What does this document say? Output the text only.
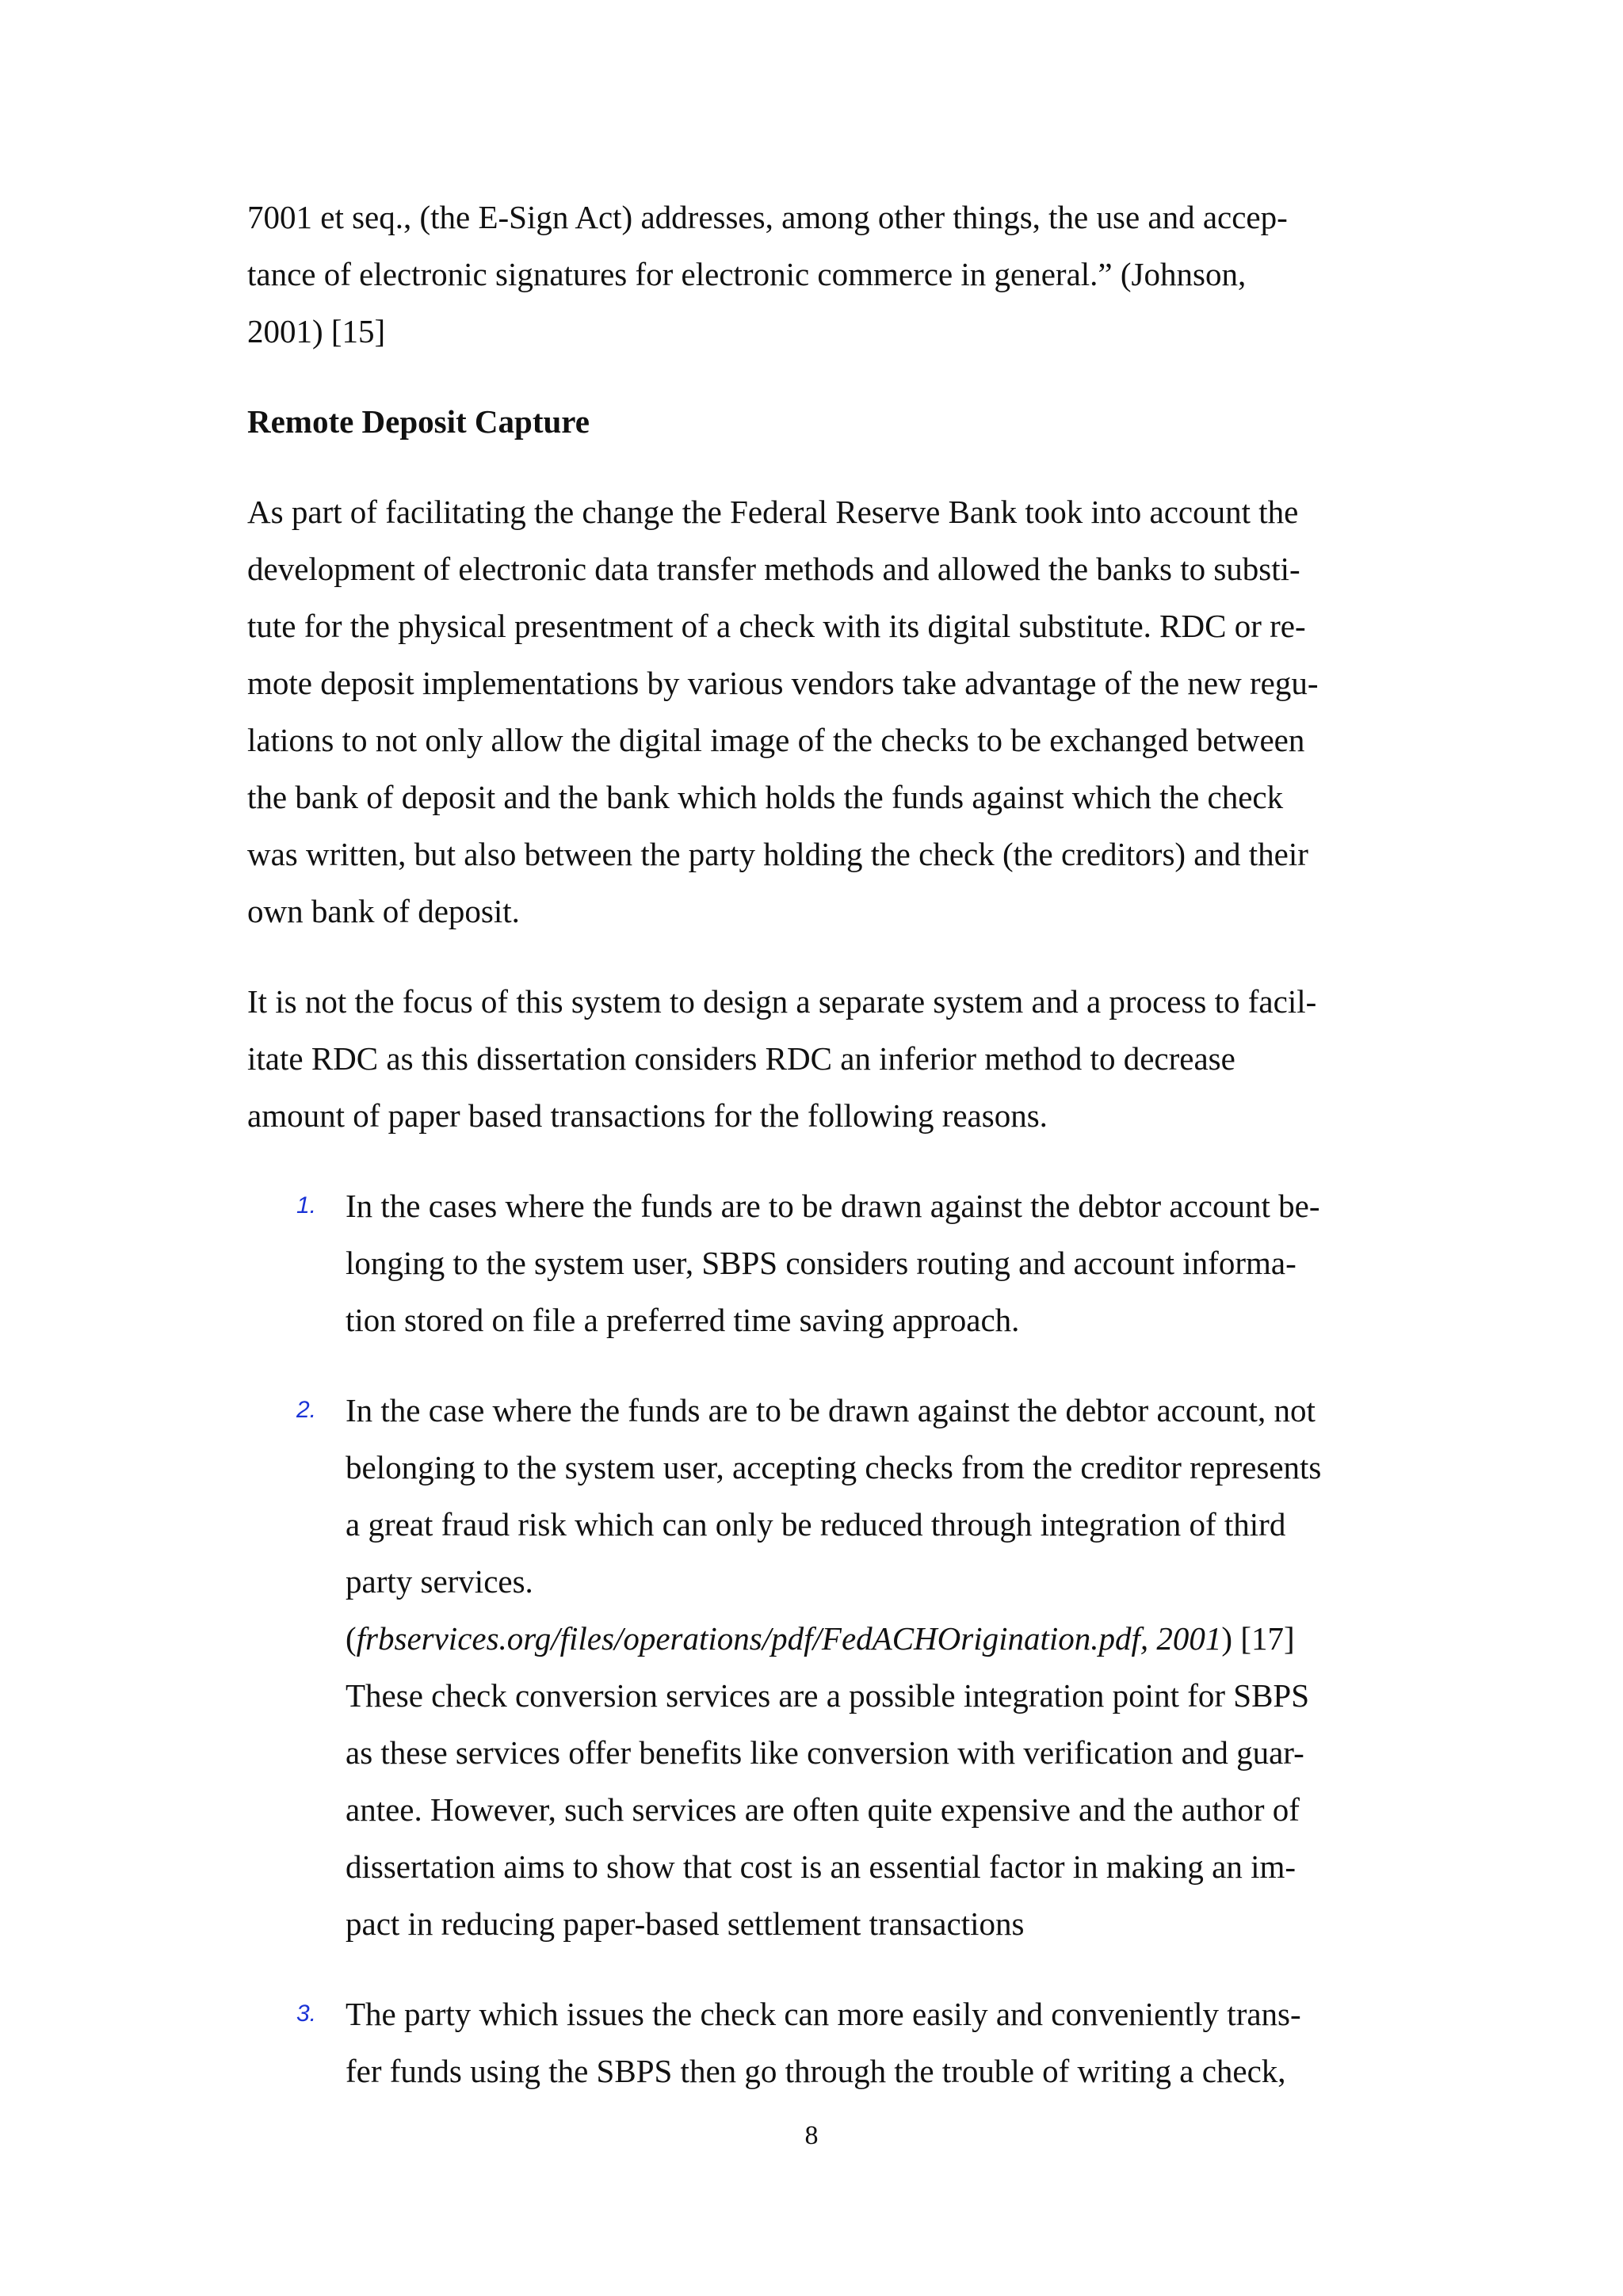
7001 et seq., (the E-Sign Act) addresses, among other things, the use and accep-
tance of electronic signatures for electronic commerce in general.” (Johnson,
2001) [15]

Remote Deposit Capture

As part of facilitating the change the Federal Reserve Bank took into account the
development of electronic data transfer methods and allowed the banks to substi-
tute for the physical presentment of a check with its digital substitute. RDC or re-
mote deposit implementations by various vendors take advantage of the new regu-
lations to not only allow the digital image of the checks to be exchanged between
the bank of deposit and the bank which holds the funds against which the check
was written, but also between the party holding the check (the creditors) and their
own bank of deposit.

It is not the focus of this system to design a separate system and a process to facil-
itate RDC as this dissertation considers RDC an inferior method to decrease
amount of paper based transactions for the following reasons.

1. In the cases where the funds are to be drawn against the debtor account be-
longing to the system user, SBPS considers routing and account informa-
tion stored on file a preferred time saving approach.
2. In the case where the funds are to be drawn against the debtor account, not
belonging to the system user, accepting checks from the creditor represents
a great fraud risk which can only be reduced through integration of third
party services.
(frbservices.org/files/operations/pdf/FedACHOrigination.pdf, 2001) [17]
These check conversion services are a possible integration point for SBPS
as these services offer benefits like conversion with verification and guar-
antee. However, such services are often quite expensive and the author of
dissertation aims to show that cost is an essential factor in making an im-
pact in reducing paper-based settlement transactions
3. The party which issues the check can more easily and conveniently trans-
fer funds using the SBPS then go through the trouble of writing a check,
8
